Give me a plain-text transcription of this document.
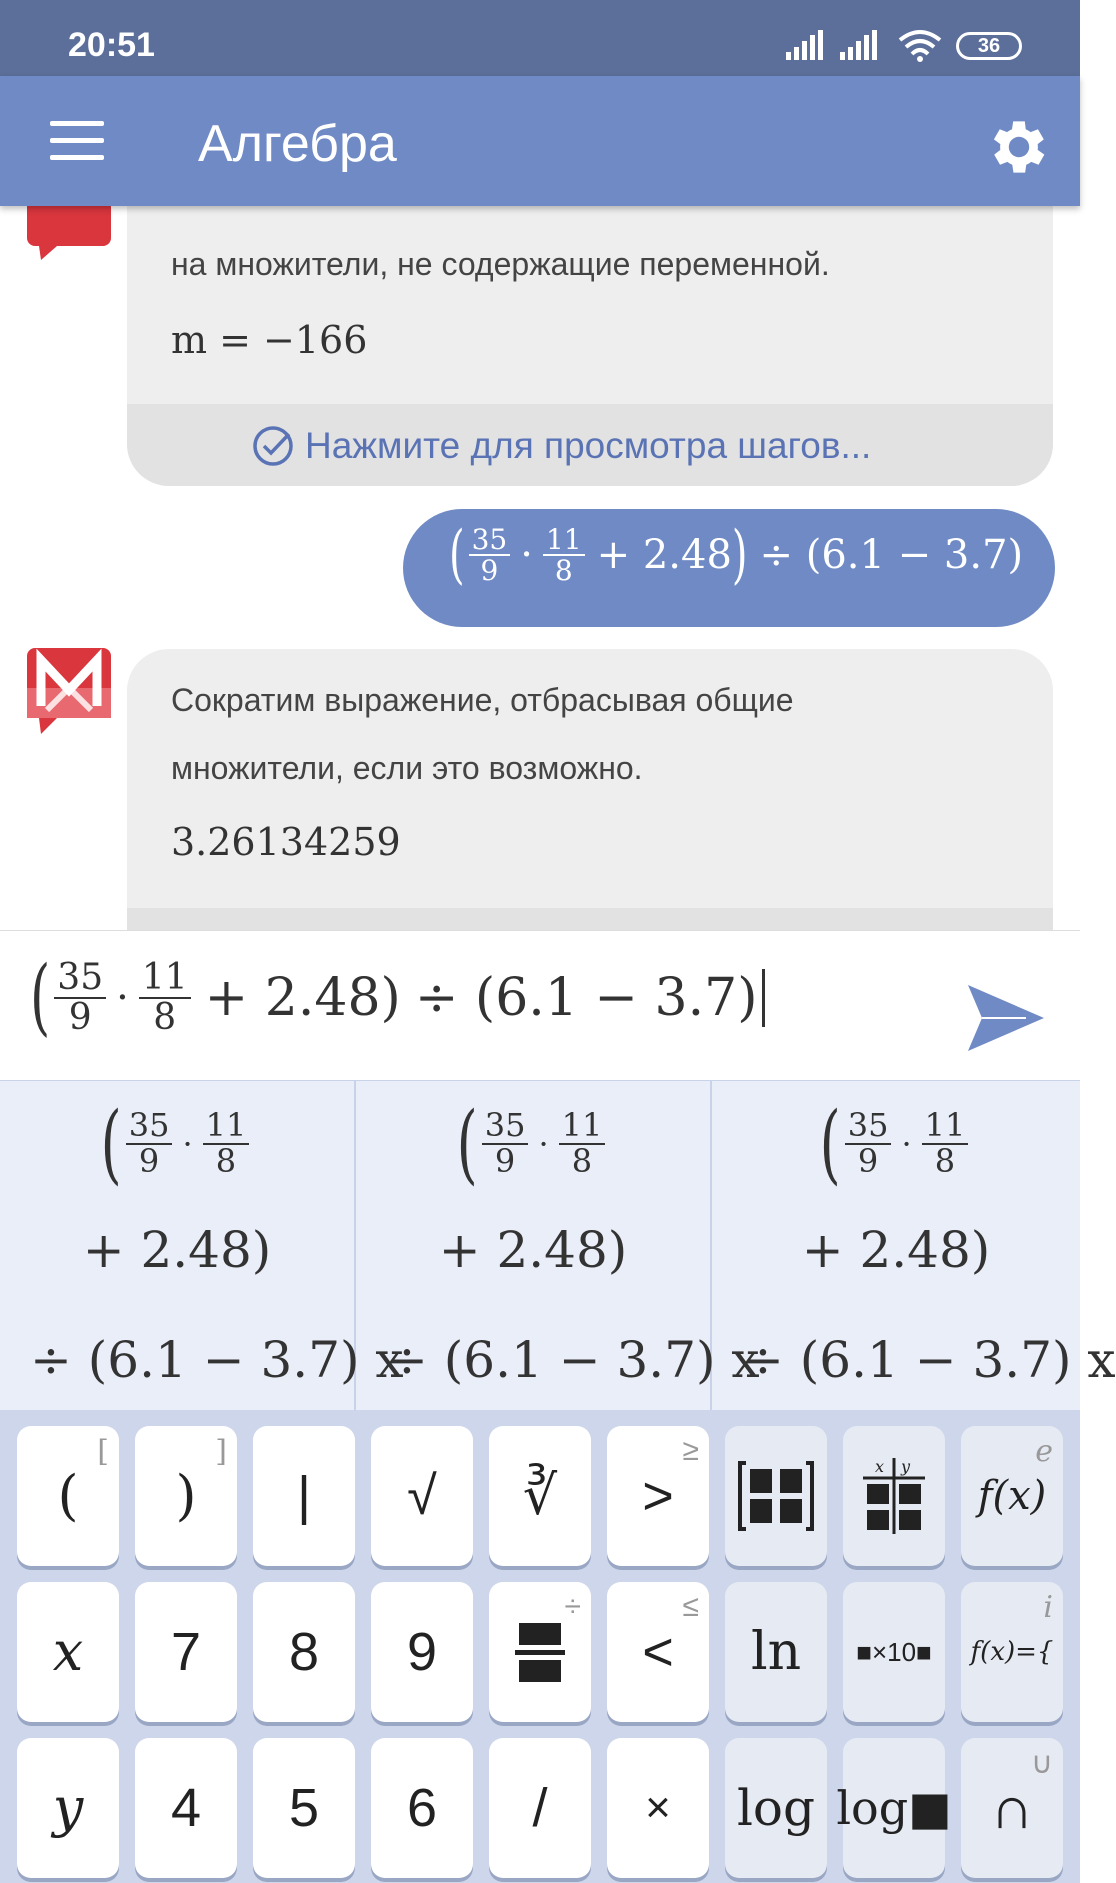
20:51	36
Алгебра
на множители, не содержащие переменной.
m = −166
Нажмите для просмотра шагов...
( $\frac{35}{9} \cdot \frac{11}{8} + 2.48$ ) ÷ (6.1 − 3.7)
Сократим выражение, отбрасывая общие
множители, если это возможно.
3.26134259
( $\frac{35}{9} \cdot \frac{11}{8} + 2.48) \div (6.1 - 3.7)$
( $\frac{35}{9} \cdot \frac{11}{8}$
+ 2.48)
÷ (6.1 − 3.7) x
( $\frac{35}{9} \cdot \frac{11}{8}$
+ 2.48)
÷ (6.1 − 3.7) x
( $\frac{35}{9} \cdot \frac{11}{8}$
+ 2.48)
÷ (6.1 − 3.7) x
(
[
)
]
| √ ∛ >
≥	x y
f(x)
e
x 7 8 9
÷
<
≤
ln ■×10■ f(x)={
i
y 4 5 6 / × log log■ ∩
∪
